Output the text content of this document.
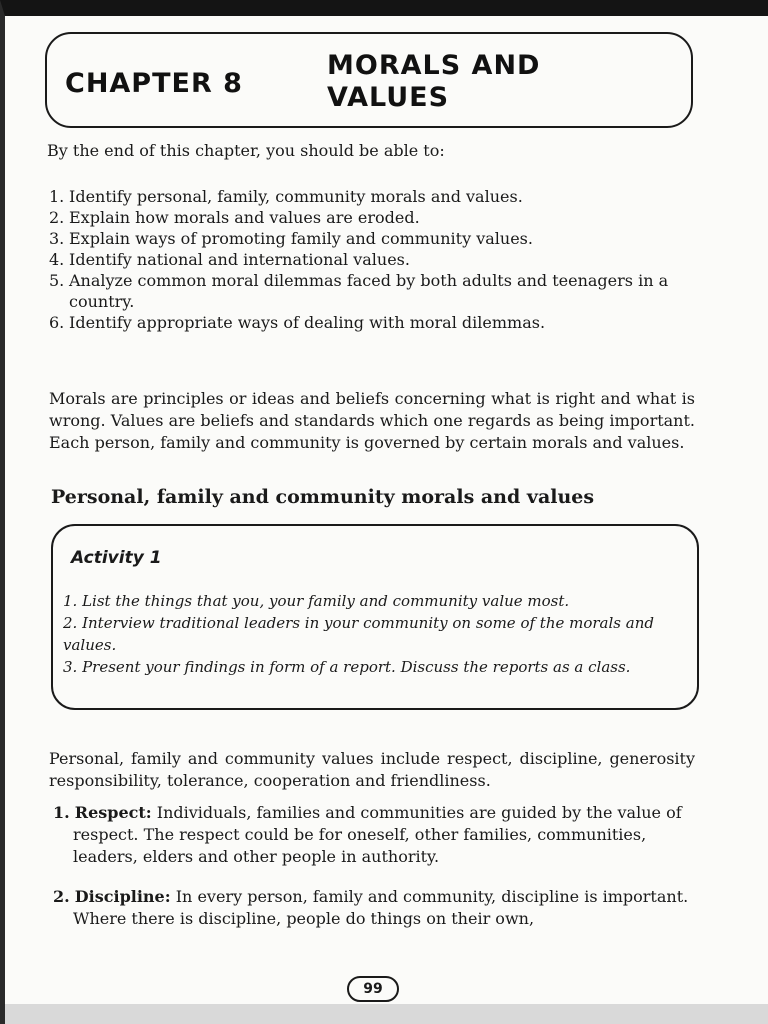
CHAPTER 8
MORALS AND
VALUES
By the end of this chapter, you should be able to:
1. Identify personal, family, community morals and values.
2. Explain how morals and values are eroded.
3. Explain ways of promoting family and community values.
4. Identify national and international values.
5. Analyze common moral dilemmas faced by both adults and teenagers in a country.
6. Identify appropriate ways of dealing with moral dilemmas.

Morals are principles or ideas and beliefs concerning what is right and what is wrong. Values are beliefs and standards which one regards as being important. Each person, family and community is governed by certain morals and values.

Personal, family and community morals and values
Activity 1
1. List the things that you, your family and community value most.
2. Interview traditional leaders in your community on some of the morals and values.
3. Present your findings in form of a report. Discuss the reports as a class.

Personal, family and community values include respect, discipline, generosity responsibility, tolerance, cooperation and friendliness.

1. Respect: Individuals, families and communities are guided by the value of respect. The respect could be for oneself, other families, communities, leaders, elders and other people in authority.
2. Discipline: In every person, family and community, discipline is important. Where there is discipline, people do things on their own,
99
